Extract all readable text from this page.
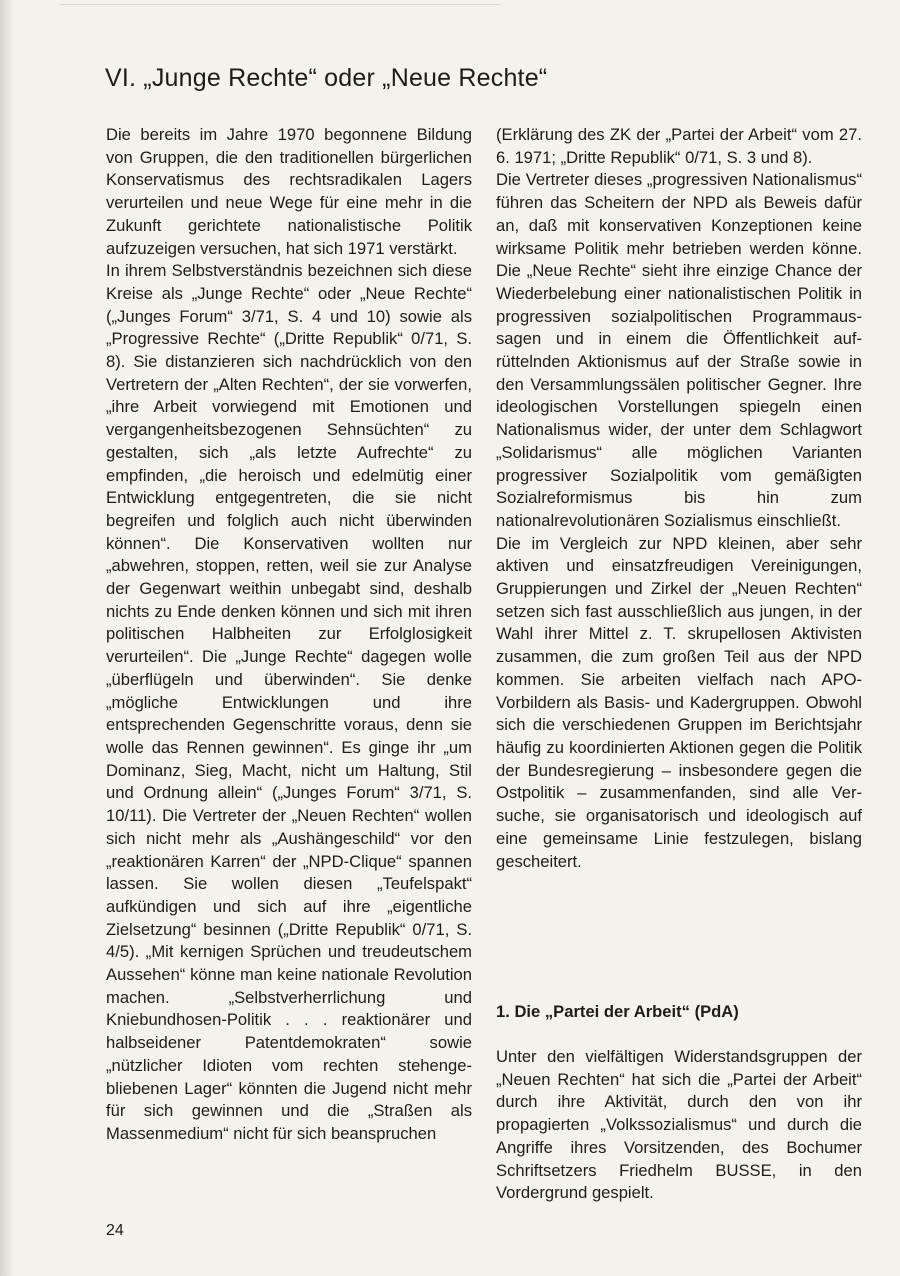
VI. „Junge Rechte“ oder „Neue Rechte“

Die bereits im Jahre 1970 begonnene Bildung von Gruppen, die den traditionellen bürgerlichen Konservatismus des rechtsradikalen Lagers verurteilen und neue Wege für eine mehr in die Zukunft gerichtete nationalistische Politik aufzuzeigen versuchen, hat sich 1971 verstärkt.

In ihrem Selbstverständnis bezeichnen sich diese Kreise als „Junge Rechte“ oder „Neue Rechte“ („Junges Forum“ 3/71, S. 4 und 10) sowie als „Progressive Rechte“ („Dritte Republik“ 0/71, S. 8). Sie distanzieren sich nachdrücklich von den Vertretern der „Alten Rechten“, der sie vorwerfen, „ihre Arbeit vorwiegend mit Emotionen und vergangenheitsbezogenen Sehnsüchten“ zu gestalten, sich „als letzte Aufrechte“ zu empfinden, „die heroisch und edelmütig einer Entwicklung entgegentreten, die sie nicht begreifen und folglich auch nicht überwinden können“. Die Konservativen wollten nur „abwehren, stoppen, retten, weil sie zur Analyse der Gegenwart weithin unbegabt sind, deshalb nichts zu Ende denken können und sich mit ihren politischen Halbheiten zur Erfolglosigkeit verurteilen“. Die „Junge Rechte“ dagegen wolle „überflügeln und überwinden“. Sie denke „mögliche Entwicklungen und ihre entsprechenden Gegenschritte voraus, denn sie wolle das Rennen gewinnen“. Es ginge ihr „um Dominanz, Sieg, Macht, nicht um Haltung, Stil und Ordnung allein“ („Junges Forum“ 3/71, S. 10/11). Die Vertreter der „Neuen Rechten“ wollen sich nicht mehr als „Aushängeschild“ vor den „reaktionären Karren“ der „NPD-Clique“ spannen lassen. Sie wollen diesen „Teufelspakt“ aufkündigen und sich auf ihre „eigentliche Zielsetzung“ besinnen („Dritte Republik“ 0/71, S. 4/5). „Mit kernigen Sprüchen und treudeutschem Aussehen“ könne man keine nationale Revolution machen. „Selbstverherrlichung und Kniebundhosen-Politik . . . reaktionärer und halbseidener Patentdemokraten“ sowie „nützlicher Idioten vom rechten stehengebliebenen Lager“ könnten die Jugend nicht mehr für sich gewinnen und die „Straßen als Massenmedium“ nicht für sich beanspruchen

(Erklärung des ZK der „Partei der Arbeit“ vom 27. 6. 1971; „Dritte Republik“ 0/71, S. 3 und 8).

Die Vertreter dieses „progressiven Nationalismus“ führen das Scheitern der NPD als Beweis dafür an, daß mit konservativen Konzeptionen keine wirksame Politik mehr betrieben werden könne. Die „Neue Rechte“ sieht ihre einzige Chance der Wiederbelebung einer nationalistischen Politik in progressiven sozialpolitischen Programmaussagen und in einem die Öffentlichkeit aufrüttelnden Aktionismus auf der Straße sowie in den Versammlungssälen politischer Gegner. Ihre ideologischen Vorstellungen spiegeln einen Nationalismus wider, der unter dem Schlagwort „Solidarismus“ alle möglichen Varianten progressiver Sozialpolitik vom gemäßigten Sozialreformismus bis hin zum nationalrevolutionären Sozialismus einschließt.

Die im Vergleich zur NPD kleinen, aber sehr aktiven und einsatzfreudigen Vereinigungen, Gruppierungen und Zirkel der „Neuen Rechten“ setzen sich fast ausschließlich aus jungen, in der Wahl ihrer Mittel z. T. skrupellosen Aktivisten zusammen, die zum großen Teil aus der NPD kommen. Sie arbeiten vielfach nach APO-Vorbildern als Basis- und Kadergruppen. Obwohl sich die verschiedenen Gruppen im Berichtsjahr häufig zu koordinierten Aktionen gegen die Politik der Bundesregierung – insbesondere gegen die Ostpolitik – zusammenfanden, sind alle Versuche, sie organisatorisch und ideologisch auf eine gemeinsame Linie festzulegen, bislang gescheitert.

1. Die „Partei der Arbeit“ (PdA)

Unter den vielfältigen Widerstandsgruppen der „Neuen Rechten“ hat sich die „Partei der Arbeit“ durch ihre Aktivität, durch den von ihr propagierten „Volkssozialismus“ und durch die Angriffe ihres Vorsitzenden, des Bochumer Schriftsetzers Friedhelm BUSSE, in den Vordergrund gespielt.

24
